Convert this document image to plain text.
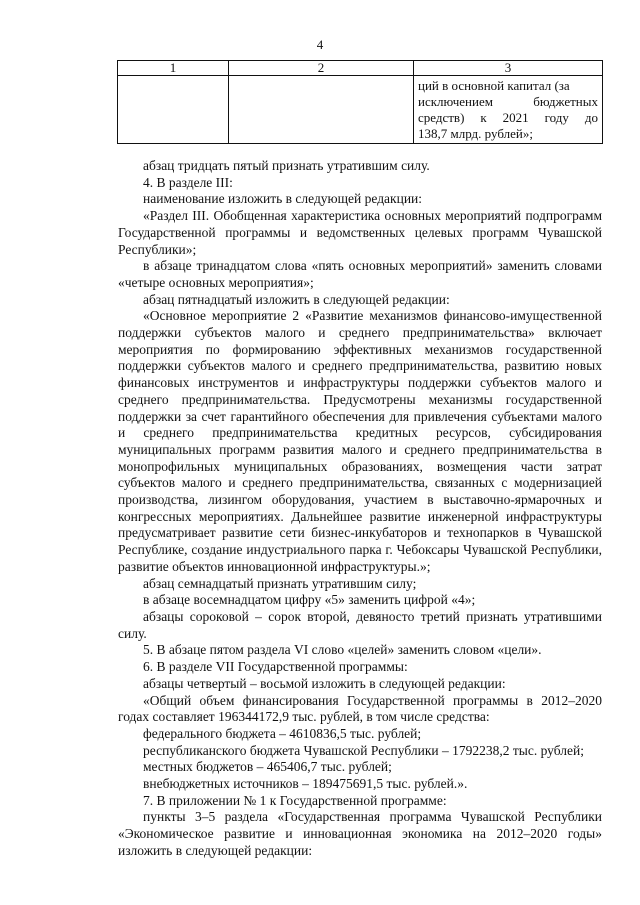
4
1	2	3

		ций в основной капитал (за
исключением бюджетных
средств) к 2021 году до
138,7 млрд. рублей»;

абзац тридцать пятый признать утратившим силу.

4. В разделе III:

наименование изложить в следующей редакции:

«Раздел III. Обобщенная характеристика основных мероприятий подпрограмм Государственной программы и ведомственных целевых программ Чувашской Республики»;

в абзаце тринадцатом слова «пять основных мероприятий» заменить словами «четыре основных мероприятия»;

абзац пятнадцатый изложить в следующей редакции:

«Основное мероприятие 2 «Развитие механизмов финансово-имущественной поддержки субъектов малого и среднего предпринимательства» включает мероприятия по формированию эффективных механизмов государственной поддержки субъектов малого и среднего предпринимательства, развитию новых финансовых инструментов и инфраструктуры поддержки субъектов малого и среднего предпринимательства. Предусмотрены механизмы государственной поддержки за счет гарантийного обеспечения для привлечения субъектами малого и среднего предпринимательства кредитных ресурсов, субсидирования муниципальных программ развития малого и среднего предпринимательства в монопрофильных муниципальных образованиях, возмещения части затрат субъектов малого и среднего предпринимательства, связанных с модернизацией производства, лизингом оборудования, участием в выставочно-ярмарочных и конгрессных мероприятиях. Дальнейшее развитие инженерной инфраструктуры предусматривает развитие сети бизнес-инкубаторов и технопарков в Чувашской Республике, создание индустриального парка г. Чебоксары Чувашской Республики, развитие объектов инновационной инфраструктуры.»;

абзац семнадцатый признать утратившим силу;

в абзаце восемнадцатом цифру «5» заменить цифрой «4»;

абзацы сороковой – сорок второй, девяностo третий признать утратившими силу.

5. В абзаце пятом раздела VI слово «целей» заменить словом «цели».

6. В разделе VII Государственной программы:

абзацы четвертый – восьмой изложить в следующей редакции:

«Общий объем финансирования Государственной программы в 2012–2020 годах составляет 196344172,9 тыс. рублей, в том числе средства:

федерального бюджета – 4610836,5 тыс. рублей;

республиканского бюджета Чувашской Республики – 1792238,2 тыс. рублей;

местных бюджетов – 465406,7 тыс. рублей;

внебюджетных источников – 189475691,5 тыс. рублей.».

7. В приложении № 1 к Государственной программе:

пункты 3–5 раздела «Государственная программа Чувашской Республики «Экономическое развитие и инновационная экономика на 2012–2020 годы» изложить в следующей редакции:
